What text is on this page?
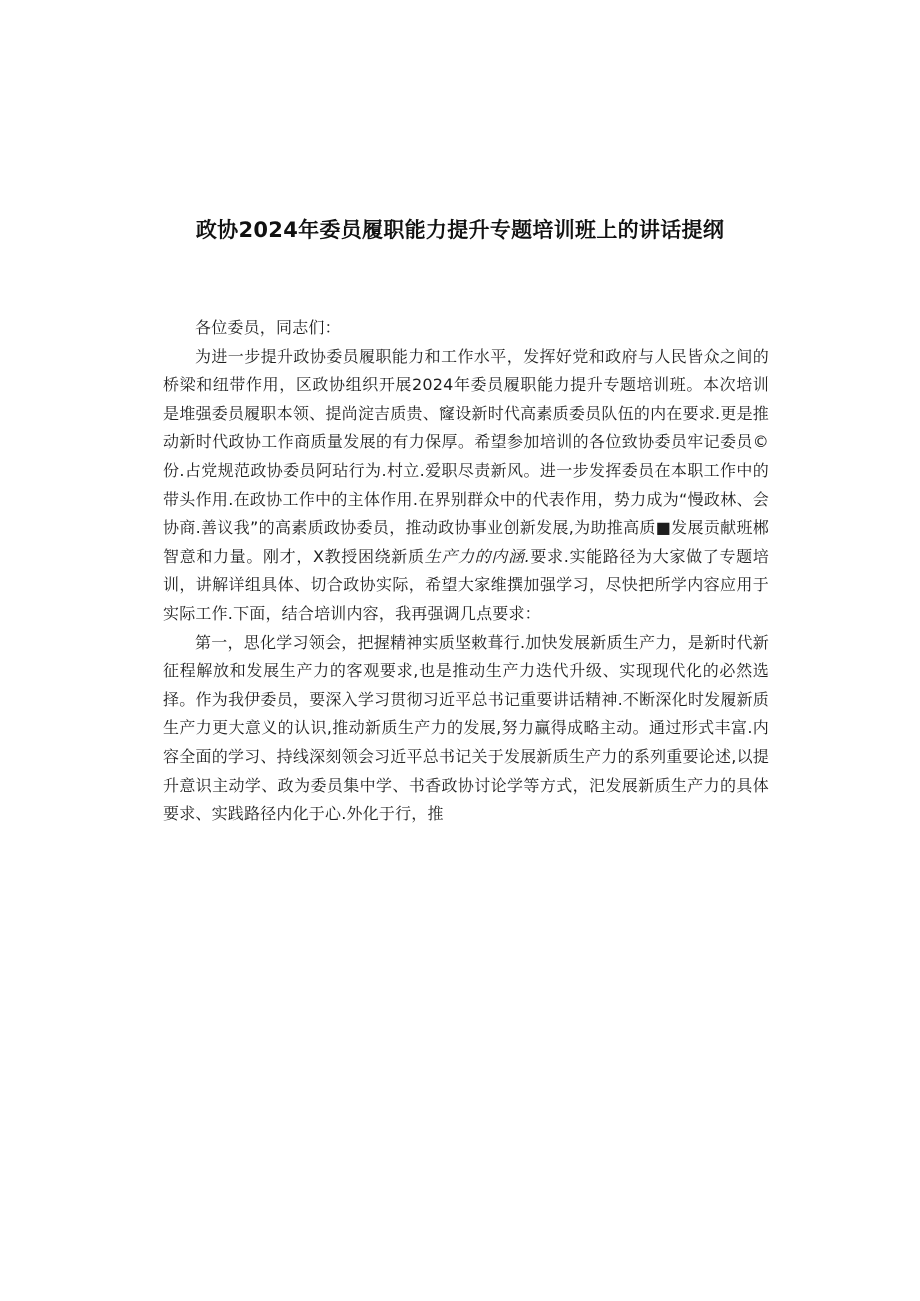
政协2024年委员履职能力提升专题培训班上的讲话提纲

各位委员，同志们：

为进一步提升政协委员履职能力和工作水平，发挥好党和政府与人民皆众之间的桥梁和纽带作用，区政协组织开展2024年委员履职能力提升专题培训班。本次培训是堆强委员履职本领、提尚淀吉质贵、窿设新时代高素质委员队伍的内在要求.更是推动新时代政协工作商质量发展的有力保厚。希望参加培训的各位致协委员牢记委员©份.占党规范政协委员阿玷行为.村立.爱职尽责新风。进一步发挥委员在本职工作中的带头作用.在政协工作中的主体作用.在界别群众中的代表作用，势力成为“慢政林、会协商.善议我”的高素质政协委员，推动政协事业创新发展,为助推高质■发展贡献班郴智意和力量。刚才，X教授困绕新质生产力的内涵.要求.实能路径为大家做了专题培训，讲解详组具体、切合政协实际，希望大家维撰加强学习，尽快把所学内容应用于实际工作.下面，结合培训内容，我再强调几点要求：

第一，思化学习领会，把握精神实质坚敕葺行.加快发展新质生产力，是新时代新征程解放和发展生产力的客观要求,也是推动生产力迭代升级、实现现代化的必然选择。作为我伊委员，要深入学习贯彻习近平总书记重要讲话精神.不断深化时发履新质生产力更大意义的认识,推动新质生产力的发展,努力赢得成略主动。通过形式丰富.内容全面的学习、持线深刻领会习近平总书记关于发展新质生产力的系列重要论述,以提升意识主动学、政为委员集中学、书香政协讨论学等方式，汜发展新质生产力的具体要求、实践路径内化于心.外化于行，推
